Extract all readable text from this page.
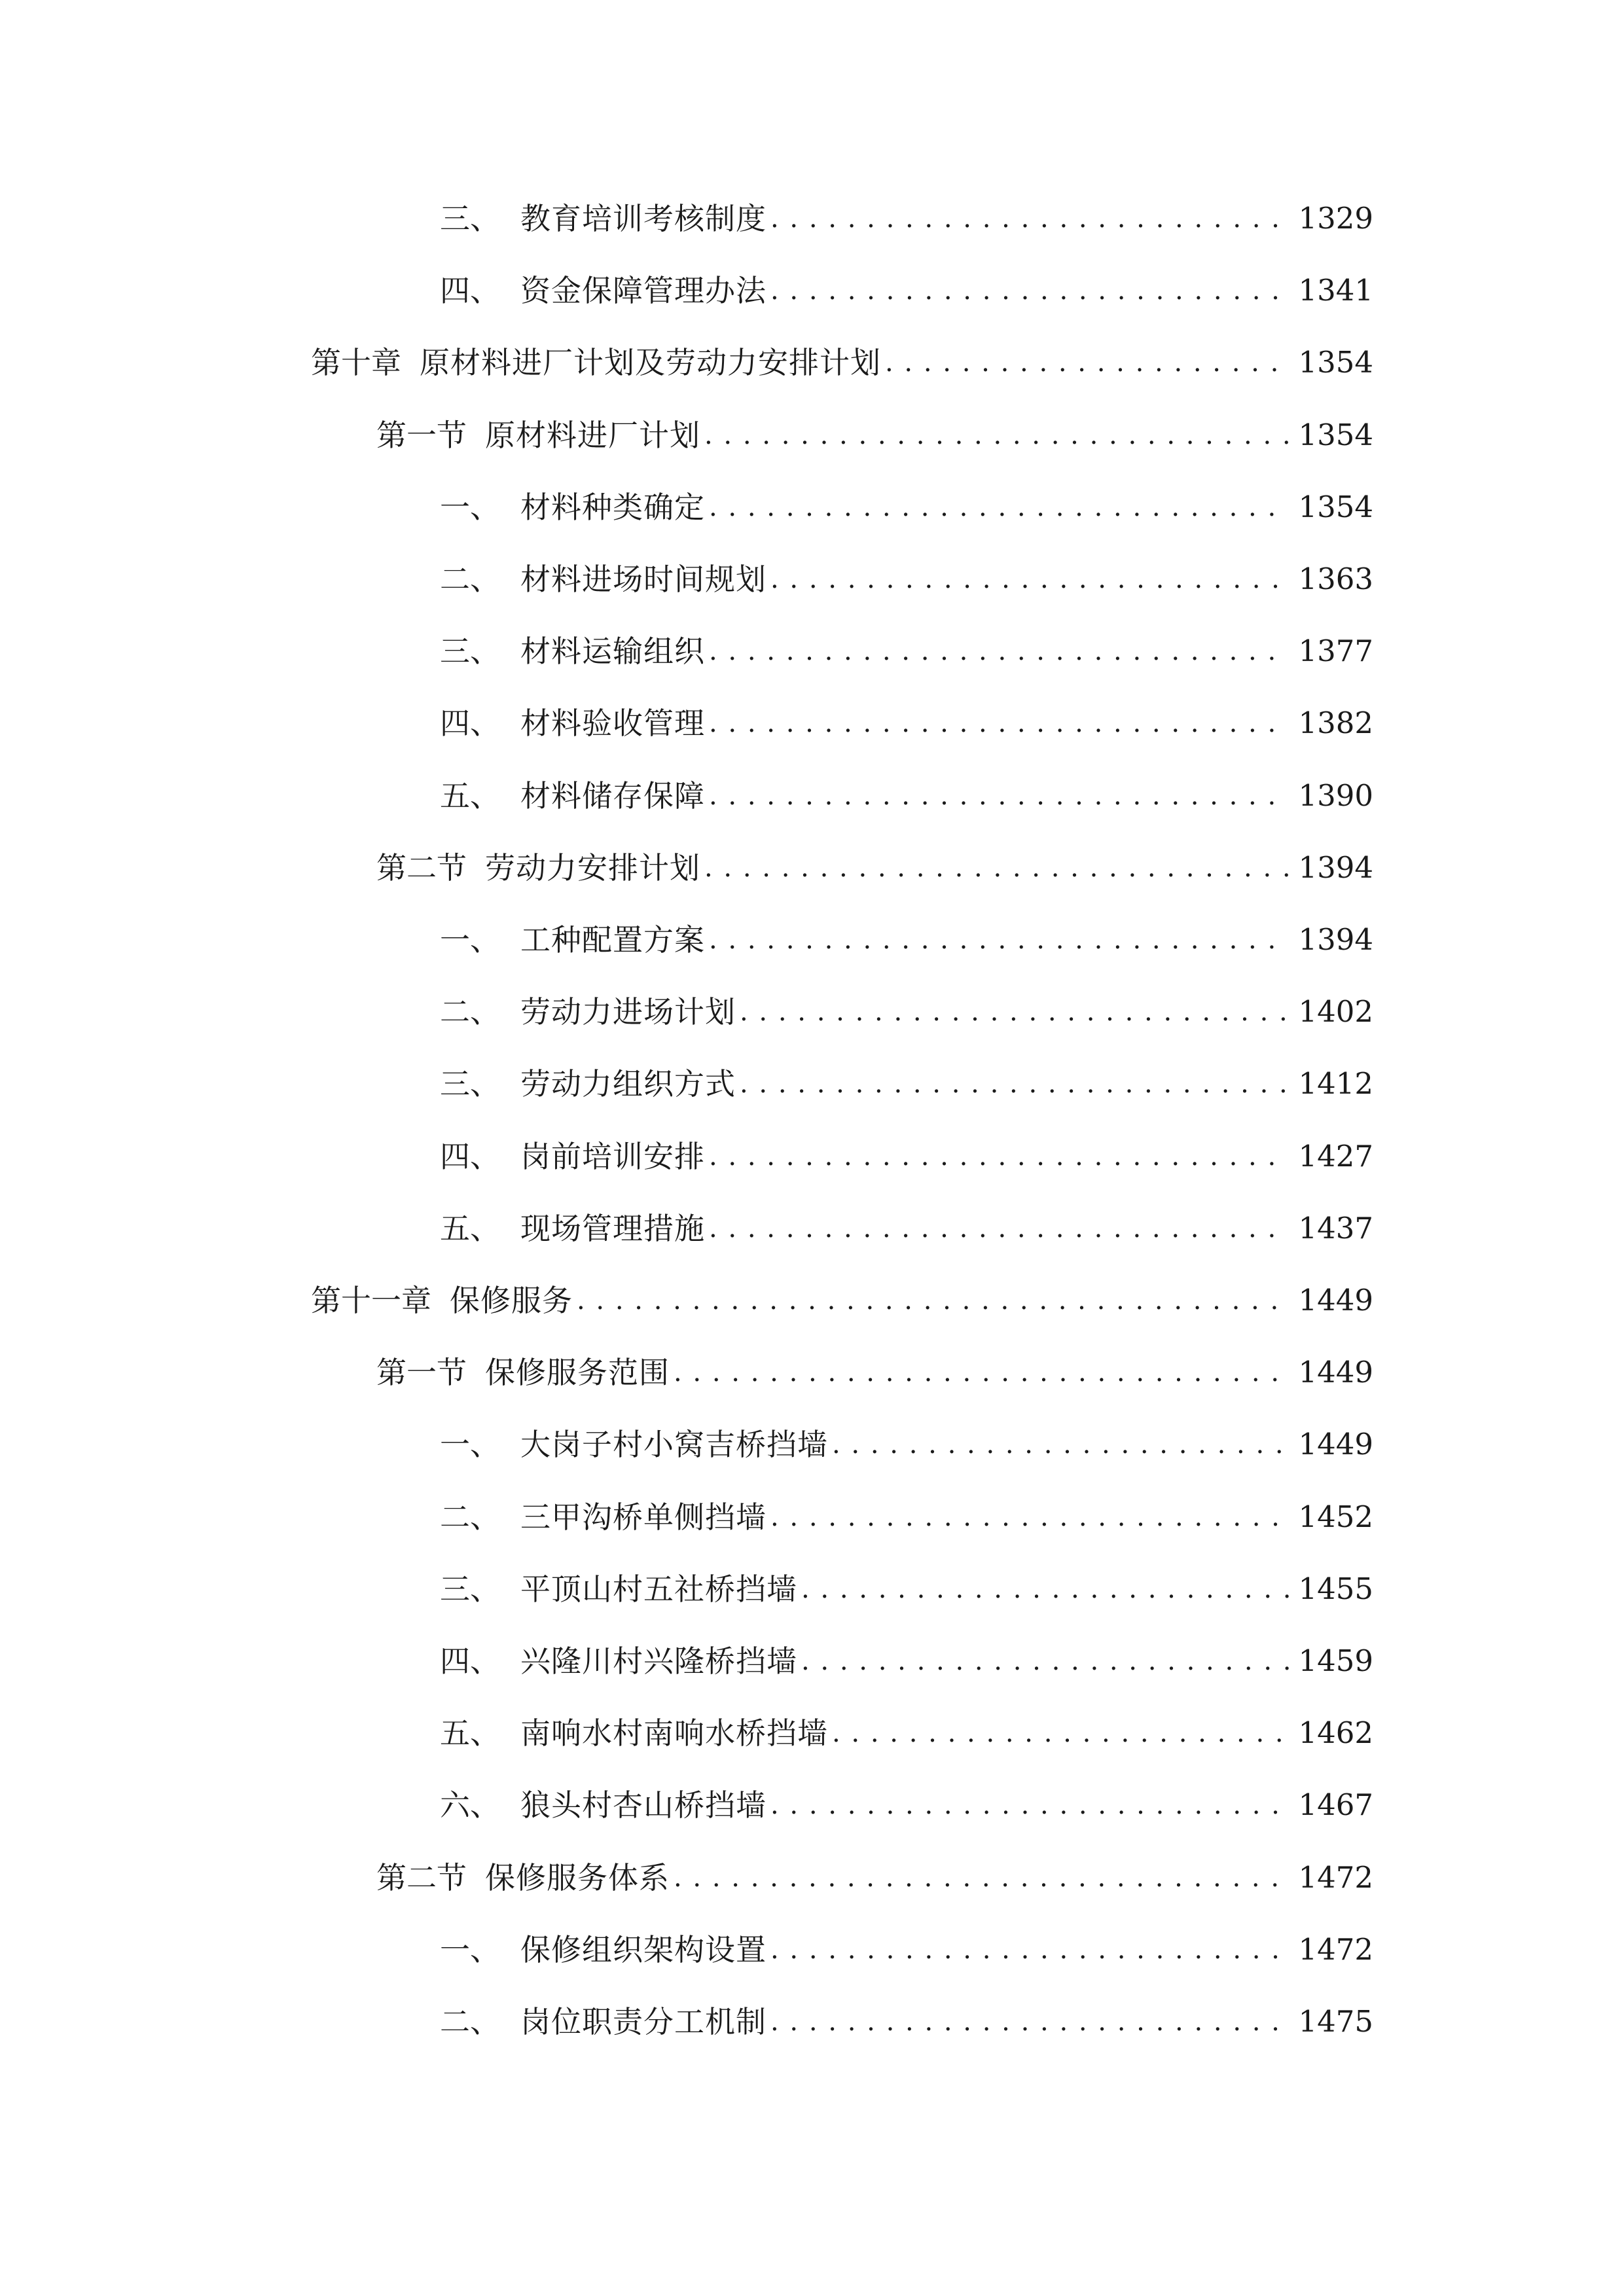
三、 教育培训考核制度 . . .	1329
四、 资金保障管理办法 . . .	1341
第十章 原材料进厂计划及劳动力安排计划 . . .	1354
第一节 原材料进厂计划 . . .	1354
一、 材料种类确定 . . .	1354
二、 材料进场时间规划 . . .	1363
三、 材料运输组织 . . .	1377
四、 材料验收管理 . . .	1382
五、 材料储存保障 . . .	1390
第二节 劳动力安排计划 . . .	1394
一、 工种配置方案 . . .	1394
二、 劳动力进场计划 . . .	1402
三、 劳动力组织方式 . . .	1412
四、 岗前培训安排 . . .	1427
五、 现场管理措施 . . .	1437
第十一章 保修服务 . . .	1449
第一节 保修服务范围 . . .	1449
一、 大岗子村小窝吉桥挡墙 . . .	1449
二、 三甲沟桥单侧挡墙 . . .	1452
三、 平顶山村五社桥挡墙 . . .	1455
四、 兴隆川村兴隆桥挡墙 . . .	1459
五、 南响水村南响水桥挡墙 . . .	1462
六、 狼头村杏山桥挡墙 . . .	1467
第二节 保修服务体系 . . .	1472
一、 保修组织架构设置 . . .	1472
二、 岗位职责分工机制 . . .	1475
